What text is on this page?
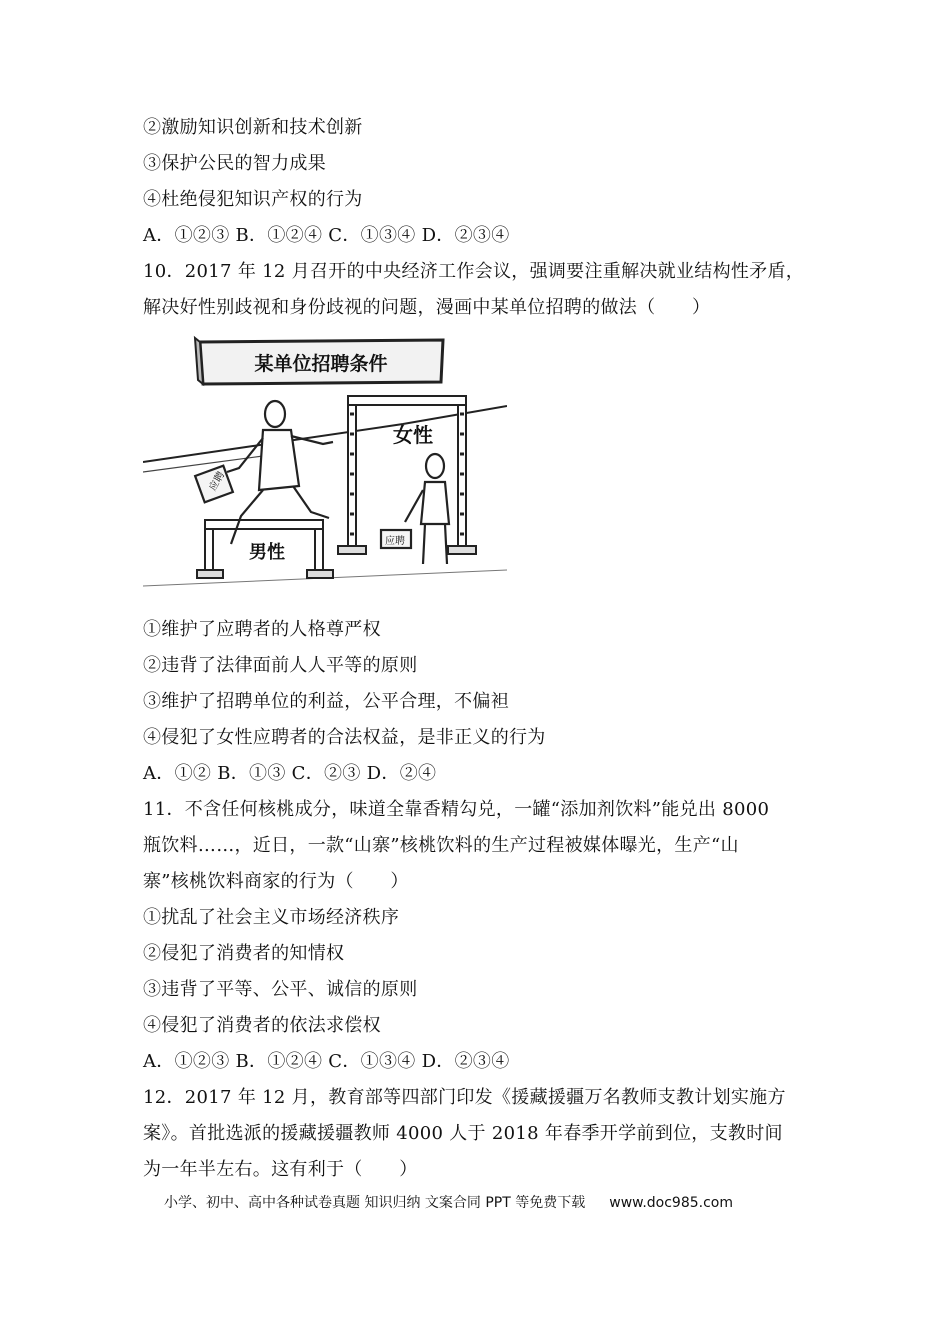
②激励知识创新和技术创新
③保护公民的智力成果
④杜绝侵犯知识产权的行为
A．①②③ B．①②④ C．①③④ D．②③④
10．2017 年 12 月召开的中央经济工作会议，强调要注重解决就业结构性矛盾，
解决好性别歧视和身份歧视的问题，漫画中某单位招聘的做法（　　）
某单位招聘条件
女性
男性
应聘
应聘
①维护了应聘者的人格尊严权
②违背了法律面前人人平等的原则
③维护了招聘单位的利益，公平合理，不偏袒
④侵犯了女性应聘者的合法权益，是非正义的行为
A．①② B．①③ C．②③ D．②④
11．不含任何核桃成分，味道全靠香精勾兑，一罐“添加剂饮料”能兑出 8000
瓶饮料……，近日，一款“山寨”核桃饮料的生产过程被媒体曝光，生产“山
寨”核桃饮料商家的行为（　　）
①扰乱了社会主义市场经济秩序
②侵犯了消费者的知情权
③违背了平等、公平、诚信的原则
④侵犯了消费者的依法求偿权
A．①②③ B．①②④ C．①③④ D．②③④
12．2017 年 12 月，教育部等四部门印发《援藏援疆万名教师支教计划实施方
案》。首批选派的援藏援疆教师 4000 人于 2018 年春季开学前到位，支教时间
为一年半左右。这有利于（　　）
小学、初中、高中各种试卷真题 知识归纳 文案合同 PPT 等免费下载 www.doc985.com
